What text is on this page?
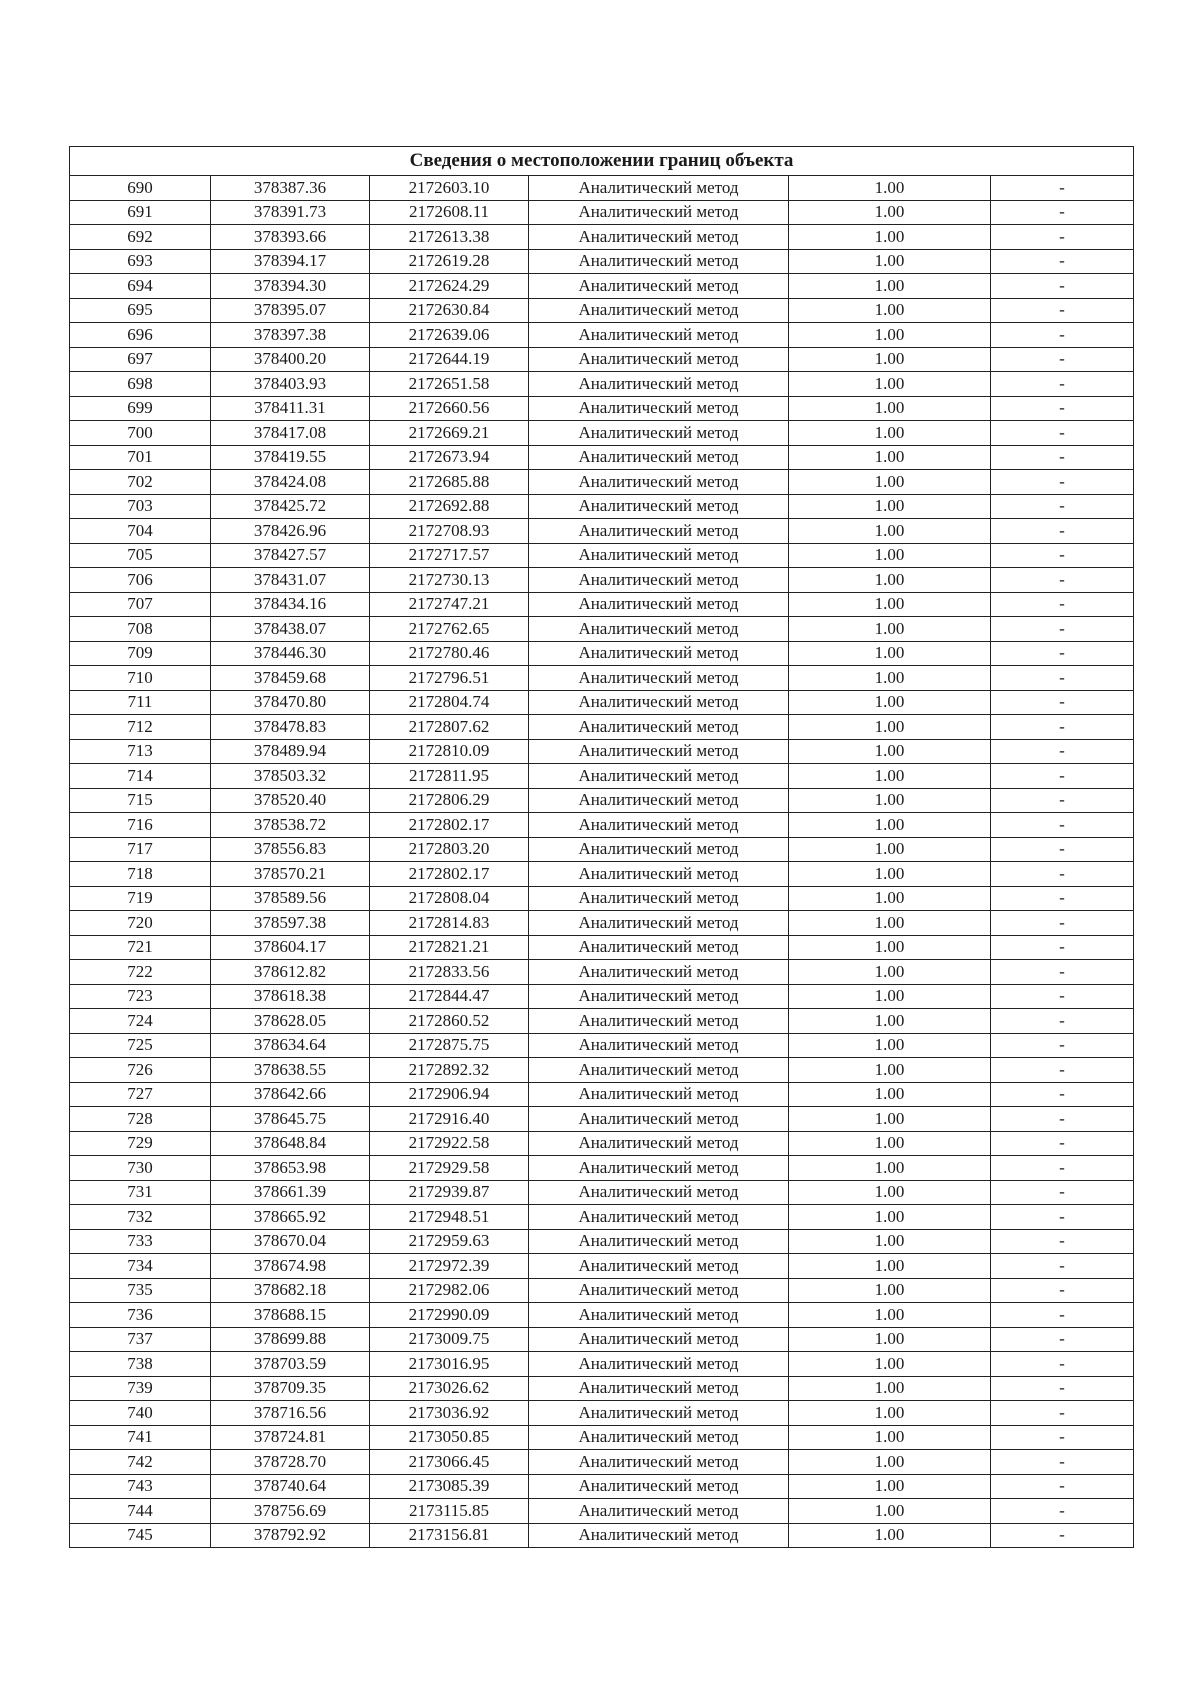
Сведения о местоположении границ объекта					
690	378387.36	2172603.10	Аналитический метод	1.00	-
691	378391.73	2172608.11	Аналитический метод	1.00	-
692	378393.66	2172613.38	Аналитический метод	1.00	-
693	378394.17	2172619.28	Аналитический метод	1.00	-
694	378394.30	2172624.29	Аналитический метод	1.00	-
695	378395.07	2172630.84	Аналитический метод	1.00	-
696	378397.38	2172639.06	Аналитический метод	1.00	-
697	378400.20	2172644.19	Аналитический метод	1.00	-
698	378403.93	2172651.58	Аналитический метод	1.00	-
699	378411.31	2172660.56	Аналитический метод	1.00	-
700	378417.08	2172669.21	Аналитический метод	1.00	-
701	378419.55	2172673.94	Аналитический метод	1.00	-
702	378424.08	2172685.88	Аналитический метод	1.00	-
703	378425.72	2172692.88	Аналитический метод	1.00	-
704	378426.96	2172708.93	Аналитический метод	1.00	-
705	378427.57	2172717.57	Аналитический метод	1.00	-
706	378431.07	2172730.13	Аналитический метод	1.00	-
707	378434.16	2172747.21	Аналитический метод	1.00	-
708	378438.07	2172762.65	Аналитический метод	1.00	-
709	378446.30	2172780.46	Аналитический метод	1.00	-
710	378459.68	2172796.51	Аналитический метод	1.00	-
711	378470.80	2172804.74	Аналитический метод	1.00	-
712	378478.83	2172807.62	Аналитический метод	1.00	-
713	378489.94	2172810.09	Аналитический метод	1.00	-
714	378503.32	2172811.95	Аналитический метод	1.00	-
715	378520.40	2172806.29	Аналитический метод	1.00	-
716	378538.72	2172802.17	Аналитический метод	1.00	-
717	378556.83	2172803.20	Аналитический метод	1.00	-
718	378570.21	2172802.17	Аналитический метод	1.00	-
719	378589.56	2172808.04	Аналитический метод	1.00	-
720	378597.38	2172814.83	Аналитический метод	1.00	-
721	378604.17	2172821.21	Аналитический метод	1.00	-
722	378612.82	2172833.56	Аналитический метод	1.00	-
723	378618.38	2172844.47	Аналитический метод	1.00	-
724	378628.05	2172860.52	Аналитический метод	1.00	-
725	378634.64	2172875.75	Аналитический метод	1.00	-
726	378638.55	2172892.32	Аналитический метод	1.00	-
727	378642.66	2172906.94	Аналитический метод	1.00	-
728	378645.75	2172916.40	Аналитический метод	1.00	-
729	378648.84	2172922.58	Аналитический метод	1.00	-
730	378653.98	2172929.58	Аналитический метод	1.00	-
731	378661.39	2172939.87	Аналитический метод	1.00	-
732	378665.92	2172948.51	Аналитический метод	1.00	-
733	378670.04	2172959.63	Аналитический метод	1.00	-
734	378674.98	2172972.39	Аналитический метод	1.00	-
735	378682.18	2172982.06	Аналитический метод	1.00	-
736	378688.15	2172990.09	Аналитический метод	1.00	-
737	378699.88	2173009.75	Аналитический метод	1.00	-
738	378703.59	2173016.95	Аналитический метод	1.00	-
739	378709.35	2173026.62	Аналитический метод	1.00	-
740	378716.56	2173036.92	Аналитический метод	1.00	-
741	378724.81	2173050.85	Аналитический метод	1.00	-
742	378728.70	2173066.45	Аналитический метод	1.00	-
743	378740.64	2173085.39	Аналитический метод	1.00	-
744	378756.69	2173115.85	Аналитический метод	1.00	-
745	378792.92	2173156.81	Аналитический метод	1.00	-
